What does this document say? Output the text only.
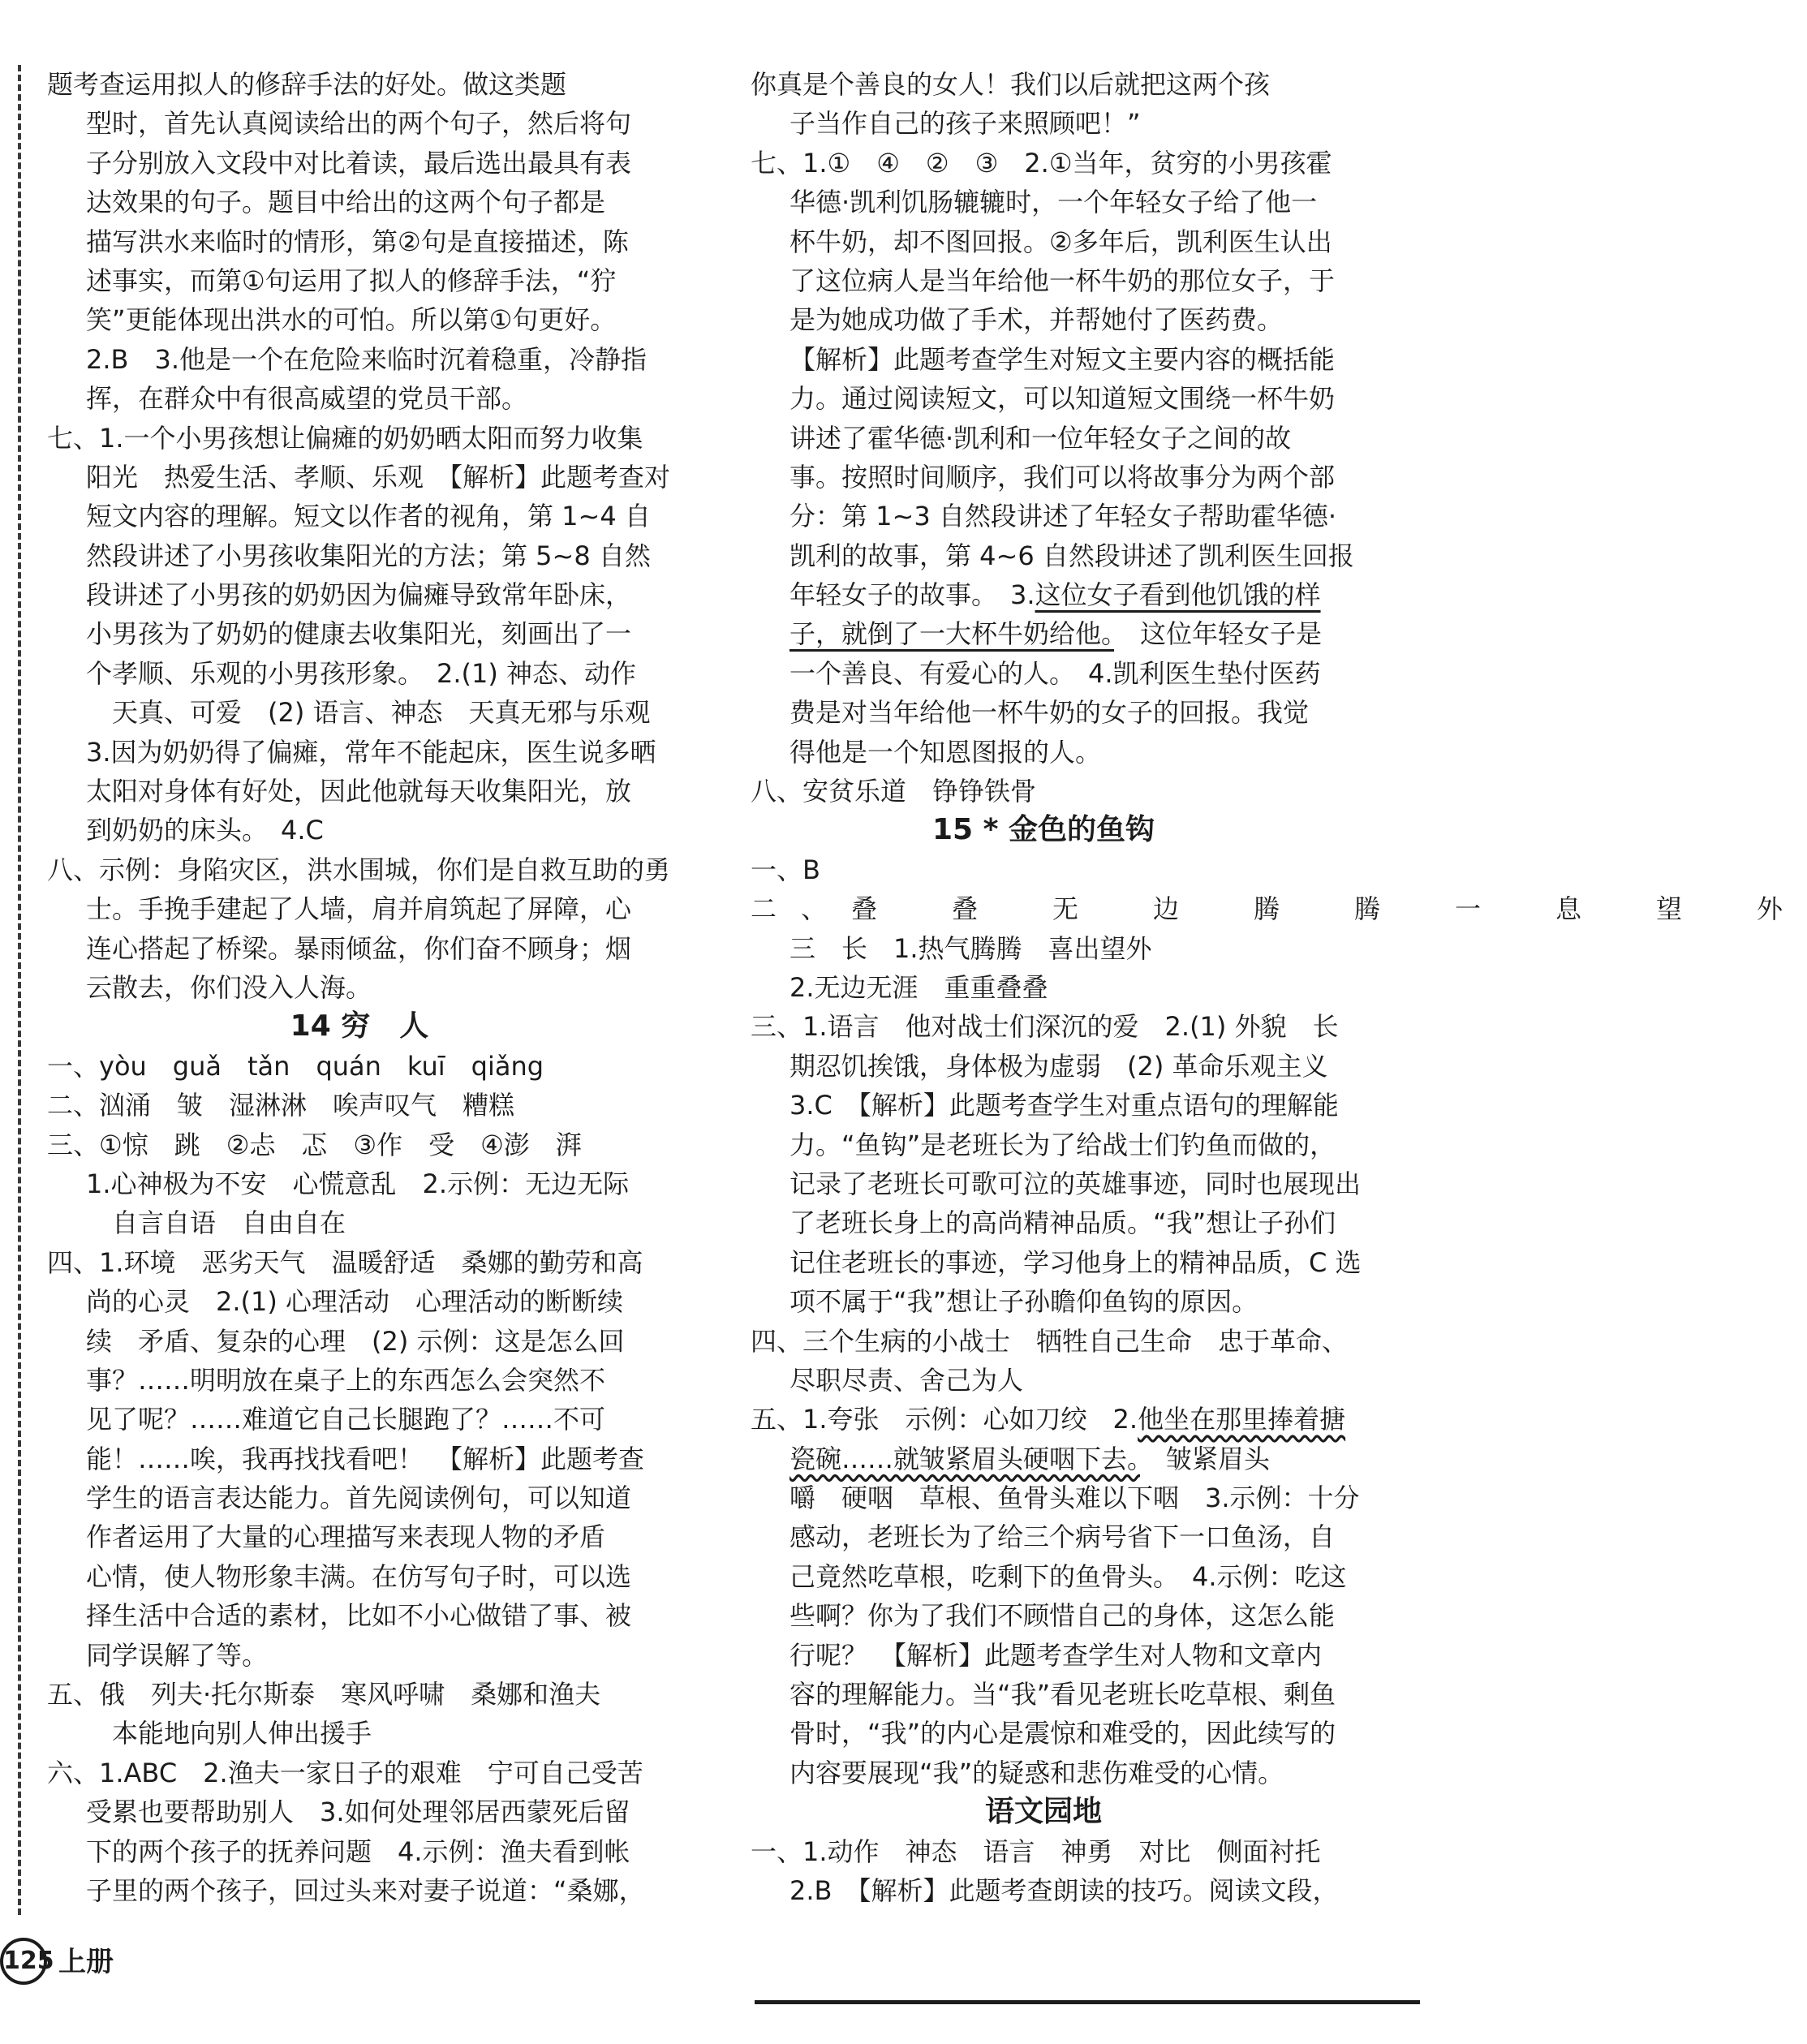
题考查运用拟人的修辞手法的好处。做这类题
型时，首先认真阅读给出的两个句子，然后将句
子分别放入文段中对比着读，最后选出最具有表
达效果的句子。题目中给出的这两个句子都是
描写洪水来临时的情形，第②句是直接描述，陈
述事实，而第①句运用了拟人的修辞手法，“狞
笑”更能体现出洪水的可怕。所以第①句更好。
2.B　3.他是一个在危险来临时沉着稳重，冷静指
挥，在群众中有很高威望的党员干部。
七、1.一个小男孩想让偏瘫的奶奶晒太阳而努力收集
阳光　热爱生活、孝顺、乐观　【解析】此题考查对
短文内容的理解。短文以作者的视角，第 1~4 自
然段讲述了小男孩收集阳光的方法；第 5~8 自然
段讲述了小男孩的奶奶因为偏瘫导致常年卧床，
小男孩为了奶奶的健康去收集阳光，刻画出了一
个孝顺、乐观的小男孩形象。　2.(1) 神态、动作
天真、可爱　(2) 语言、神态　天真无邪与乐观
3.因为奶奶得了偏瘫，常年不能起床，医生说多晒
太阳对身体有好处，因此他就每天收集阳光，放
到奶奶的床头。　4.C
八、示例：身陷灾区，洪水围城，你们是自救互助的勇
士。手挽手建起了人墙，肩并肩筑起了屏障，心
连心搭起了桥梁。暴雨倾盆，你们奋不顾身；烟
云散去，你们没入人海。
14 穷　人
一、yòu　guǎ　tǎn　quán　kuī　qiǎng
二、汹涌　皱　湿淋淋　唉声叹气　糟糕
三、①惊　跳　②忐　忑　③作　受　④澎　湃
1.心神极为不安　心慌意乱　2.示例：无边无际
自言自语　自由自在
四、1.环境　恶劣天气　温暖舒适　桑娜的勤劳和高
尚的心灵　2.(1) 心理活动　心理活动的断断续
续　矛盾、复杂的心理　(2) 示例：这是怎么回
事？……明明放在桌子上的东西怎么会突然不
见了呢？……难道它自己长腿跑了？……不可
能！……唉，我再找找看吧！　【解析】此题考查
学生的语言表达能力。首先阅读例句，可以知道
作者运用了大量的心理描写来表现人物的矛盾
心情，使人物形象丰满。在仿写句子时，可以选
择生活中合适的素材，比如不小心做错了事、被
同学误解了等。
五、俄　列夫·托尔斯泰　寒风呼啸　桑娜和渔夫
本能地向别人伸出援手
六、1.ABC　2.渔夫一家日子的艰难　宁可自己受苦
受累也要帮助别人　3.如何处理邻居西蒙死后留
下的两个孩子的抚养问题　4.示例：渔夫看到帐
子里的两个孩子，回过头来对妻子说道：“桑娜，
你真是个善良的女人！我们以后就把这两个孩
子当作自己的孩子来照顾吧！”
七、1.①　④　②　③　2.①当年，贫穷的小男孩霍
华德·凯利饥肠辘辘时，一个年轻女子给了他一
杯牛奶，却不图回报。②多年后，凯利医生认出
了这位病人是当年给他一杯牛奶的那位女子，于
是为她成功做了手术，并帮她付了医药费。
【解析】此题考查学生对短文主要内容的概括能
力。通过阅读短文，可以知道短文围绕一杯牛奶
讲述了霍华德·凯利和一位年轻女子之间的故
事。按照时间顺序，我们可以将故事分为两个部
分：第 1~3 自然段讲述了年轻女子帮助霍华德·
凯利的故事，第 4~6 自然段讲述了凯利医生回报
年轻女子的故事。　3.这位女子看到他饥饿的样
子，就倒了一大杯牛奶给他。　这位年轻女子是
一个善良、有爱心的人。　4.凯利医生垫付医药
费是对当年给他一杯牛奶的女子的回报。我觉
得他是一个知恩图报的人。
八、安贫乐道　铮铮铁骨
15 * 金色的鱼钩
一、B
二、叠　叠　无　边　腾　腾　一　息　望　外
三　长　1.热气腾腾　喜出望外
2.无边无涯　重重叠叠
三、1.语言　他对战士们深沉的爱　2.(1) 外貌　长
期忍饥挨饿，身体极为虚弱　(2) 革命乐观主义
3.C　【解析】此题考查学生对重点语句的理解能
力。“鱼钩”是老班长为了给战士们钓鱼而做的，
记录了老班长可歌可泣的英雄事迹，同时也展现出
了老班长身上的高尚精神品质。“我”想让子孙们
记住老班长的事迹，学习他身上的精神品质，C 选
项不属于“我”想让子孙瞻仰鱼钩的原因。
四、三个生病的小战士　牺牲自己生命　忠于革命、
尽职尽责、舍己为人
五、1.夸张　示例：心如刀绞　2.他坐在那里捧着搪
瓷碗……就皱紧眉头硬咽下去。　皱紧眉头
嚼　硬咽　草根、鱼骨头难以下咽　3.示例：十分
感动，老班长为了给三个病号省下一口鱼汤，自
己竟然吃草根，吃剩下的鱼骨头。　4.示例：吃这
些啊？你为了我们不顾惜自己的身体，这怎么能
行呢？　【解析】此题考查学生对人物和文章内
容的理解能力。当“我”看见老班长吃草根、剩鱼
骨时，“我”的内心是震惊和难受的，因此续写的
内容要展现“我”的疑惑和悲伤难受的心情。
语文园地
一、1.动作　神态　语言　神勇　对比　侧面衬托
2.B　【解析】此题考查朗读的技巧。阅读文段，
125 上册
